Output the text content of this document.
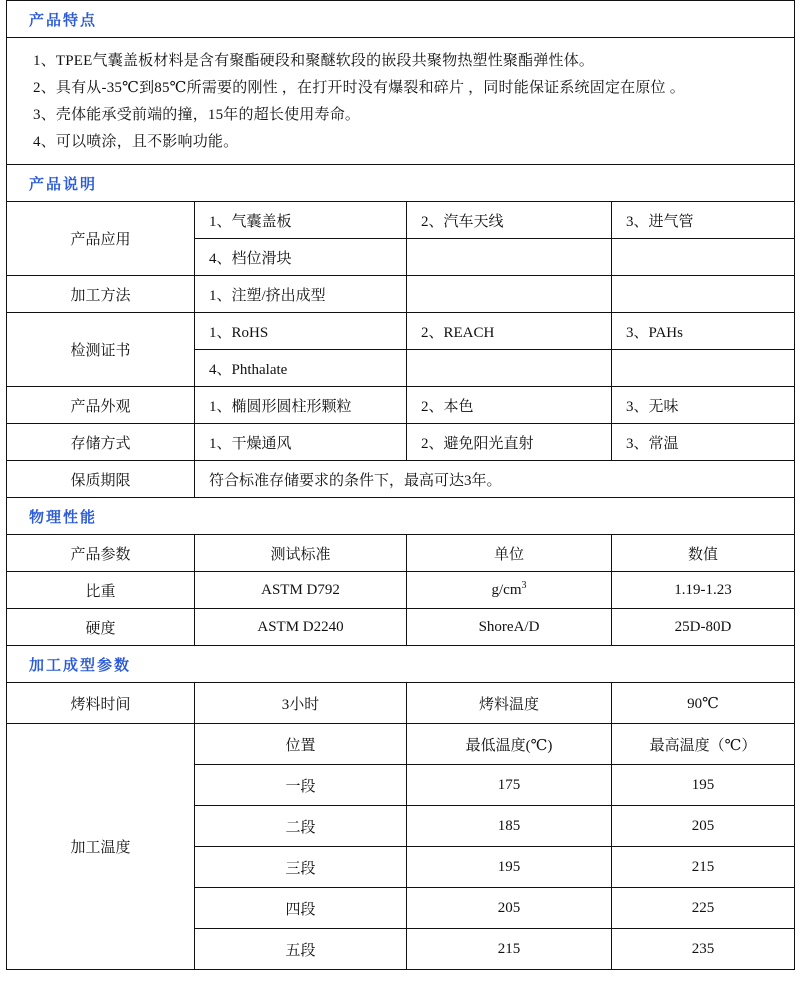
产品特点			

1、TPEE气囊盖板材料是含有聚酯硬段和聚醚软段的嵌段共聚物热塑性聚酯弹性体。
2、具有从-35℃到85℃所需要的刚性 ，在打开时没有爆裂和碎片 ，同时能保证系统固定在原位 。
3、壳体能承受前端的撞，15年的超长使用寿命。
4、可以喷涂，且不影响功能。			

产品说明			
产品应用	1、气囊盖板	2、汽车天线	3、进气管
	4、档位滑块		
加工方法	1、注塑/挤出成型		
检测证书	1、RoHS	2、REACH	3、PAHs
	4、Phthalate		
产品外观	1、椭圆形圆柱形颗粒	2、本色	3、无味
存储方式	1、干燥通风	2、避免阳光直射	3、常温
保质期限	符合标准存储要求的条件下，最高可达3年。		
物理性能			
产品参数	测试标准	单位	数值
比重	ASTM D792	$g/cm^3$	1.19-1.23
硬度	ASTM D2240	ShoreA/D	25D-80D
加工成型参数			
烤料时间	3小时	烤料温度	90℃
加工温度	位置	最低温度(℃)	最高温度（℃）
	一段	175	195
	二段	185	205
	三段	195	215
	四段	205	225
	五段	215	235
